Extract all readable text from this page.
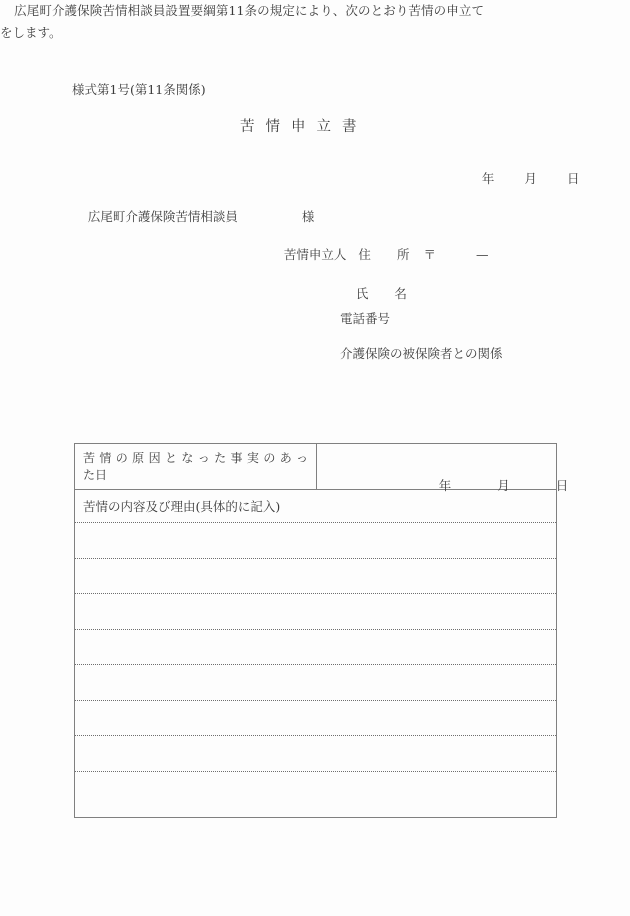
様式第1号(第11条関係)
苦情申立書

年 月 日

広尾町介護保険苦情相談員	様

苦情申立人 住 所 〒	—

氏 名

電話番号
介護保険の被保険者との関係
広尾町介護保険苦情相談員設置要綱第11条の規定により、次のとおり苦情の申立てをします。
苦情の原因となった事実のあっ
た日

年	月	日

苦情の内容及び理由(具体的に記入)
